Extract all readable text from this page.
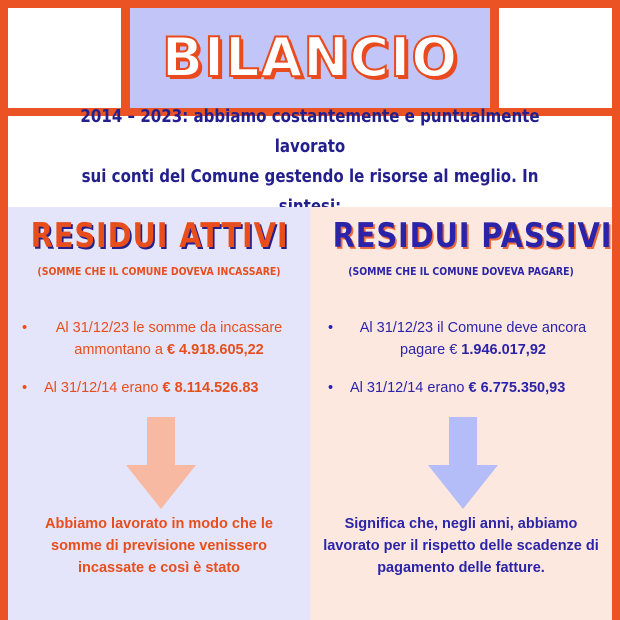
BILANCIO

2014 – 2023: abbiamo costantemente e puntualmente lavorato
sui conti del Comune gestendo le risorse al meglio. In

RESIDUI ATTIVI
(SOMME CHE IL COMUNE DOVEVA INCASSARE)
•	Al 31/12/23 le somme da incassare ammontano a € 4.918.605,22
•	Al 31/12/14 erano € 8.114.526.83
Abbiamo lavorato in modo che le somme di previsione venissero incassate e così è stato
RESIDUI PASSIVI
(SOMME CHE IL COMUNE DOVEVA PAGARE)
•	Al 31/12/23 il Comune deve ancora pagare € 1.946.017,92
•	Al 31/12/14 erano € 6.775.350,93
Significa che, negli anni, abbiamo lavorato per il rispetto delle scadenze di pagamento delle fatture.
